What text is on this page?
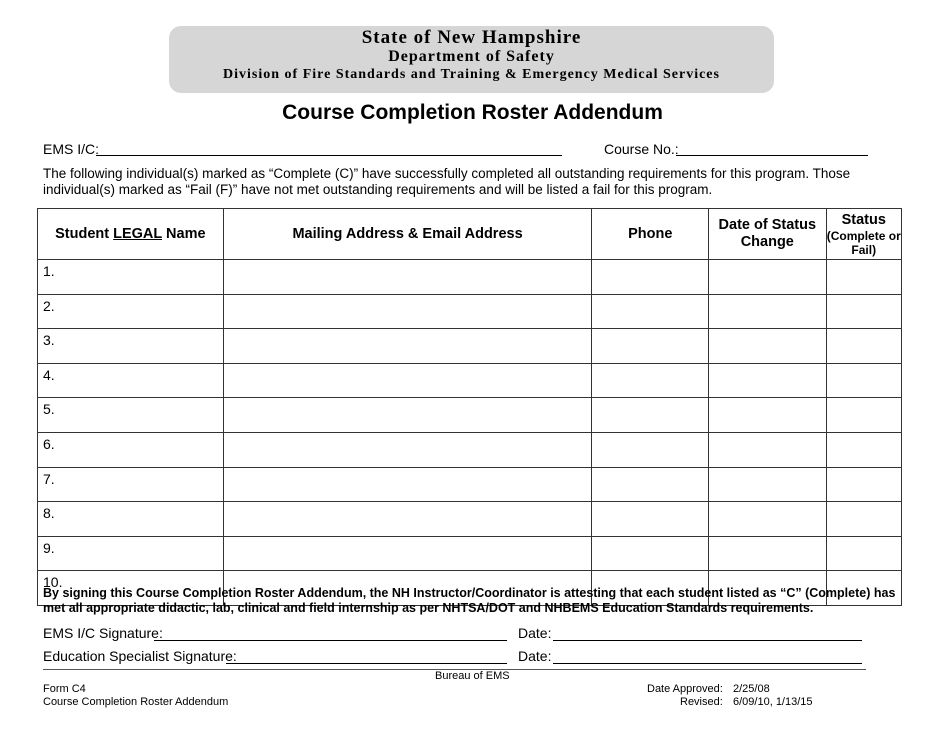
State of New Hampshire
Department of Safety
Division of Fire Standards and Training & Emergency Medical Services
Course Completion Roster Addendum
EMS I/C:	Course No.:
The following individual(s) marked as “Complete (C)” have successfully completed all outstanding requirements for this program. Those individual(s) marked as “Fail (F)” have not met outstanding requirements and will be listed a fail for this program.
Student LEGAL Name	Mailing Address & Email Address	Phone	Date of Status Change	Status
(Complete or Fail)

1.				
2.				
3.				
4.				
5.				
6.				
7.				
8.				
9.				
10.				
By signing this Course Completion Roster Addendum, the NH Instructor/Coordinator is attesting that each student listed as “C” (Complete) has met all appropriate didactic, lab, clinical and field internship as per NHTSA/DOT and NHBEMS Education Standards requirements.
EMS I/C Signature:	Date:
Education Specialist Signature:	Date:
Bureau of EMS
Form C4
Course Completion Roster Addendum
Date Approved: 2/25/08
Revised: 6/09/10, 1/13/15
